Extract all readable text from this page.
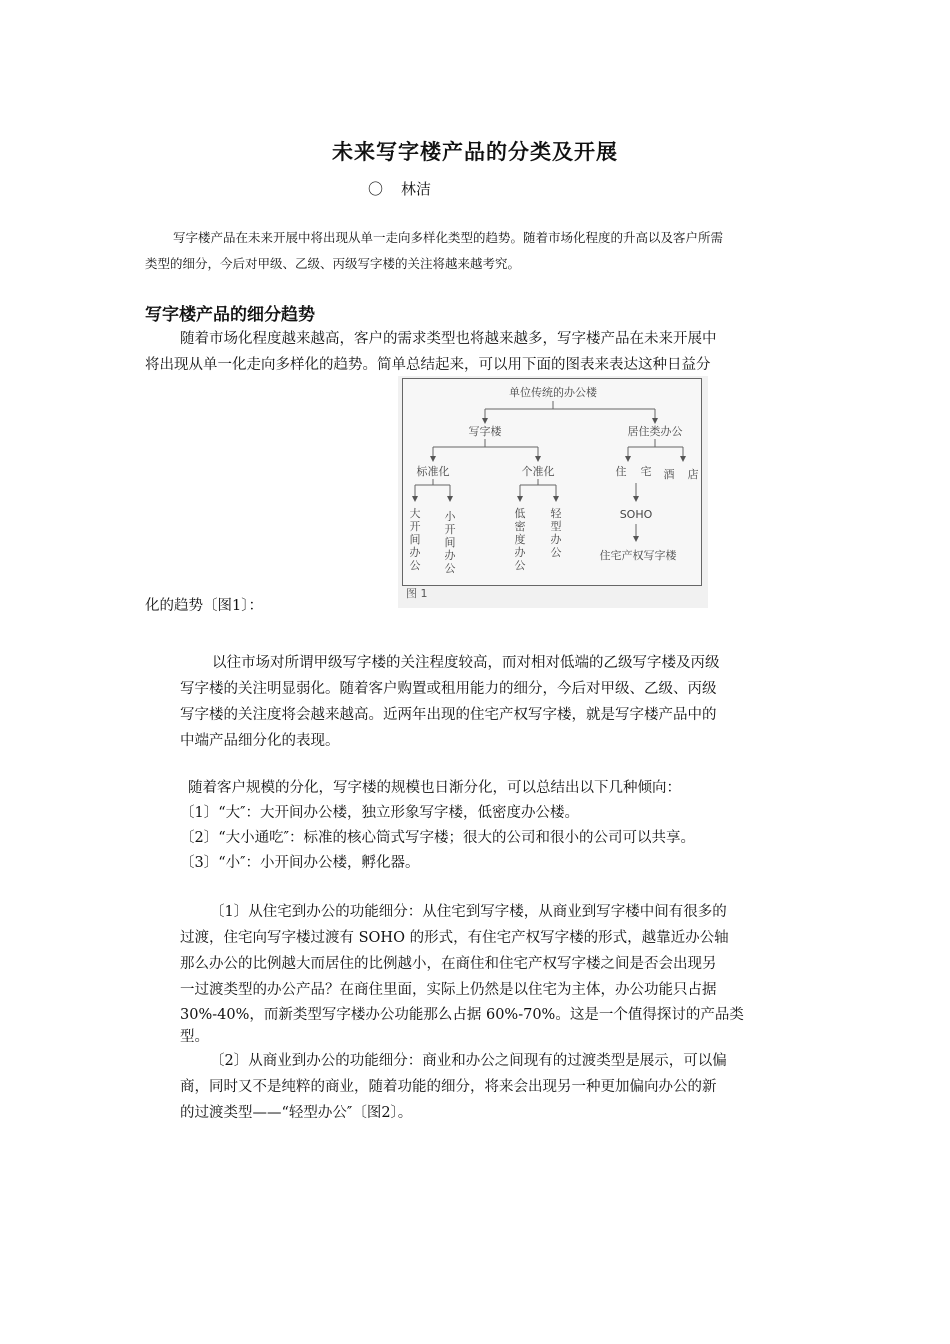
未来写字楼产品的分类及开展
〇 林洁
写字楼产品在未来开展中将出现从单一走向多样化类型的趋势。随着市场化程度的升高以及客户所需
类型的细分，今后对甲级、乙级、丙级写字楼的关注将越来越考究。
写字楼产品的细分趋势
随着市场化程度越来越高，客户的需求类型也将越来越多，写字楼产品在未来开展中
将出现从单一化走向多样化的趋势。简单总结起来，可以用下面的图表来表达这种日益分
化的趋势〔图1〕：
单位传统的办公楼
写字楼	居住类办公
标准化	个准化	住 宅 酒 店
大
开
间
办
公
小
开
间
办
公
低
密
度
办
公
轻
型
办
公
SOHO
住宅产权写字楼
图 1
以往市场对所谓甲级写字楼的关注程度较高，而对相对低端的乙级写字楼及丙级
写字楼的关注明显弱化。随着客户购置或租用能力的细分，今后对甲级、乙级、丙级
写字楼的关注度将会越来越高。近两年出现的住宅产权写字楼，就是写字楼产品中的
中端产品细分化的表现。
随着客户规模的分化，写字楼的规模也日渐分化，可以总结出以下几种倾向：
〔1〕“大″：大开间办公楼，独立形象写字楼，低密度办公楼。
〔2〕“大小通吃″：标准的核心筒式写字楼；很大的公司和很小的公司可以共享。
〔3〕“小″：小开间办公楼，孵化器。
〔1〕从住宅到办公的功能细分：从住宅到写字楼，从商业到写字楼中间有很多的
过渡，住宅向写字楼过渡有 SOHO 的形式，有住宅产权写字楼的形式，越靠近办公轴
那么办公的比例越大而居住的比例越小，在商住和住宅产权写字楼之间是否会出现另
一过渡类型的办公产品？在商住里面，实际上仍然是以住宅为主体，办公功能只占据
30%-40%，而新类型写字楼办公功能那么占据 60%-70%。这是一个值得探讨的产品类
型。
〔2〕从商业到办公的功能细分：商业和办公之间现有的过渡类型是展示，可以偏
商，同时又不是纯粹的商业，随着功能的细分，将来会出现另一种更加偏向办公的新
的过渡类型——“轻型办公″〔图2〕。
